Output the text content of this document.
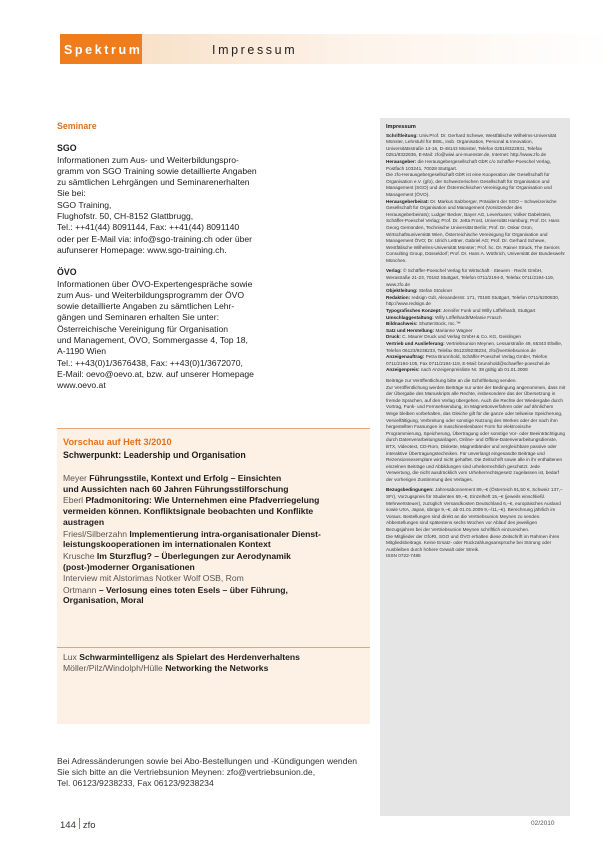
Spektrum	Impressum
Seminare
SGO
Informationen zum Aus- und Weiterbildungspro-
gramm von SGO Training sowie detaillierte Angaben
zu sämtlichen Lehrgängen und Seminarenerhalten
Sie bei:
SGO Training,
Flughofstr. 50, CH-8152 Glattbrugg,
Tel.: ++41(44) 8091144, Fax: ++41(44) 8091140
oder per E-Mail via: info@sgo-training.ch oder über
aufunserer Homepage: www.sgo-training.ch.
ÖVO
Informationen über ÖVO-Expertengespräche sowie
zum Aus- und Weiterbildungsprogramm der ÖVO
sowie detaillierte Angaben zu sämtlichen Lehr-
gängen und Seminaren erhalten Sie unter:
Österreichische Vereinigung für Organisation
und Management, ÖVO, Sommergasse 4, Top 18,
A-1190 Wien
Tel.: ++43(0)1/3676438, Fax: ++43(0)1/3672070,
E-Mail: oevo@oevo.at, bzw. auf unserer Homepage
www.oevo.at
Vorschau auf Heft 3/2010
Schwerpunkt: Leadership und Organisation
Meyer Führungsstile, Kontext und Erfolg – Einsichten
und Aussichten nach 60 Jahren Führungsstilforschung
Eberl Pfadmonitoring: Wie Unternehmen eine Pfadverriegelung
vermeiden können. Konfliktsignale beobachten und Konflikte
austragen
Friesl/Silberzahn Implementierung intra-organisationaler Dienst-
leistungskooperationen im internationalen Kontext
Krusche Im Sturzflug? – Überlegungen zur Aerodynamik
(post-)moderner Organisationen
Interview mit Alstorimas Notker Wolf OSB, Rom
Ortmann – Verlosung eines toten Esels – über Führung,
Organisation, Moral
Lux Schwarmintelligenz als Spielart des Herdenverhaltens
Möller/Pilz/Windolph/Hülle Networking the Networks
Bei Adressänderungen sowie bei Abo-Bestellungen und -Kündigungen wenden
Sie sich bitte an die Vertriebsunion Meynen: zfo@vertriebsunion.de,
Tel. 06123/9238233, Fax 06123/9238234
Impressum
Schriftleitung: Univ.Prof. Dr. Gerhard Schewe, Westfälische Wilhelms-Universität Münster, Lehrstuhl für BWL, insb. Organisation, Personal & Innovation, Universitätsstraße 14-16, D-48143 Münster, Telefon 0251/8322831, Telefax 0251/8322836, E-Mail: zfo@wiwi.uni-muenster.de, Internet: http://www.zfo.de
Herausgeber: die Herausgebergesellschaft GbR c/o Schäffer-Poeschel Verlag, Postfach 103241, 70028 Stuttgart.
Die zfo-Herausgebergesellschaft GbR ist eine Kooperation der Gesellschaft für Organisation e.V. (gfo), der Schweizerischen Gesellschaft für Organisation und Management (SGO) und der Österreichischen Vereinigung für Organisation und Management (ÖVO).
Herausgeberbeirat: Dr. Markus Salzberger, Präsident der SGO – Schweizerische Gesellschaft für Organisation und Management (Vorsitzender des Herausgeberbeirats); Ludger Becker, Bayer AG, Leverkusen; Volker Dabelstein, Schäffer-Poeschel Verlag; Prof. Dr. Jetta Frost, Universität Hamburg; Prof. Dr. Hans Georg Gemünden, Technische Universität Berlin; Prof. Dr. Oskar Grün, Wirtschaftsuniversität Wien, Österreichische Vereinigung für Organisation und Management ÖVO; Dr. Ulrich Lettner, Gabriel AG; Prof. Dr. Gerhard Schewe, Westfälische Wilhelms-Universität Münster; Prof. hc. Dr. Rainer Struck, The Seniors Consulting Group, Düsseldorf; Prof. Dr. Hans A. Wüthrich, Universität der Bundeswehr München.
Verlag: © Schäffer-Poeschel Verlag für Wirtschaft · Steuern · Recht GmbH, Werastraße 21-23, 70182 Stuttgart, Telefon 0711/2194-0, Telefax 0711/2194-119, www.zfo.de
Objektleitung: Stefan Stöckner
Redaktion: redsign GdI, Alexanderstr. 171, 70180 Stuttgart, Telefon 0711/6200830, http://www.redsign.de
Typografisches Konzept: Jennifer Funk und Willy Löffelhardt, Stuttgart
Umschlaggestaltung: Willy Löffelhardt/Melanie Frasch
Bildnachweis: ShutterStock, Inc.™
Satz und Herstellung: Marianne Wagner
Druck: C. Maurer Druck und Verlag GmbH & Co. KG, Geislingen
Vertrieb und Auslieferung: Vertriebsunion Meynen, Lessarstraße 49, 65343 Eltville, Telefon 06123/9238233, Telefax 06123/9238234, zfo@vertriebsunion.de
Anzeigenauftrag: Petra Brunnhold, Schäffer-Poeschel Verlag GmbH, Telefon 0711/2194-105, Fax 0711/2194-119, E-Mail: brunnhold@schaeffer-poeschel.de
Anzeigenpreis: nach Anzeigenpreisliste Nr. 38 gültig ab 01.01.2008
Beiträge zur Veröffentlichung bitte an die Schriftleitung senden.
Zur Veröffentlichung werden Beiträge nur unter der Bedingung angenommen, dass mit der Übergabe des Manuskripts alle Rechte, insbesondere das der Übersetzung in fremde Sprachen, auf den Verlag übergehen. Auch die Rechte der Wiedergabe durch Vortrag, Funk- und Fernsehsendung, im Magnettonverfahren oder auf ähnlichem Wege bleiben vorbehalten, das Gleiche gilt für die ganze oder teilweise Speicherung, Vervielfältigung, Verbreitung oder sonstige Nutzung des Werkes oder der nach ihm hergestellten Fassungen in maschinenlesbarer Form für elektronische Programmierung, Speicherung, Übertragung oder sonstige Vor- oder Beeinträchtigung durch Datenverarbeitungsanlagen, Online- und Offline-Datenverarbeitungsdienste, BTX, Videotext, CD-Rom, Diskette, Magnetbänder und vergleichbare passive oder interaktive Übertragungstechniken. Für unverlangt eingesandte Beiträge und Rezensionsexemplare wird nicht gehaftet. Die Zeitschrift sowie alle in ihr enthaltenen einzelnen Beiträge und Abbildungen sind urheberrechtlich geschützt. Jede Verwertung, die nicht ausdrücklich vom Urheberrechtsgesetz zugelassen ist, bedarf der vorherigen Zustimmung des Verlages.
Bezugsbedingungen: Jahresabonnement 89,–€ (Österreich 91,50 €, Schweiz 137,– SFr), Vorzugspreis für Studenten 69,–€, Einzelheft 15,–€ (jeweils einschließl. Mehrwertsteuer), zuzüglich Versandkosten Deutschland 6,–€, europäisches Ausland sowie USA, Japan, übrige 9,–€, ab 01.01.2009 9,–/11,–€). Berechnung jährlich im Voraus. Bestellungen sind direkt an die Vertriebsunion Meynen zu senden. Abbestellungen sind spätestens sechs Wochen vor Ablauf des jeweiligen Bezugsjahres bei der Vertriebsunion Meynen schriftlich einzureichen.
Die Mitglieder der GfoRI, SGO und ÖVO erhalten diese Zeitschrift im Rahmen ihres Mitgliedsbeitrags. Keine Ersatz- oder Rückzahlungsansprüche bei Störung oder Ausbleiben durch höhere Gewalt oder Streik.
ISSN 0722-7485
144 zfo	02/2010
